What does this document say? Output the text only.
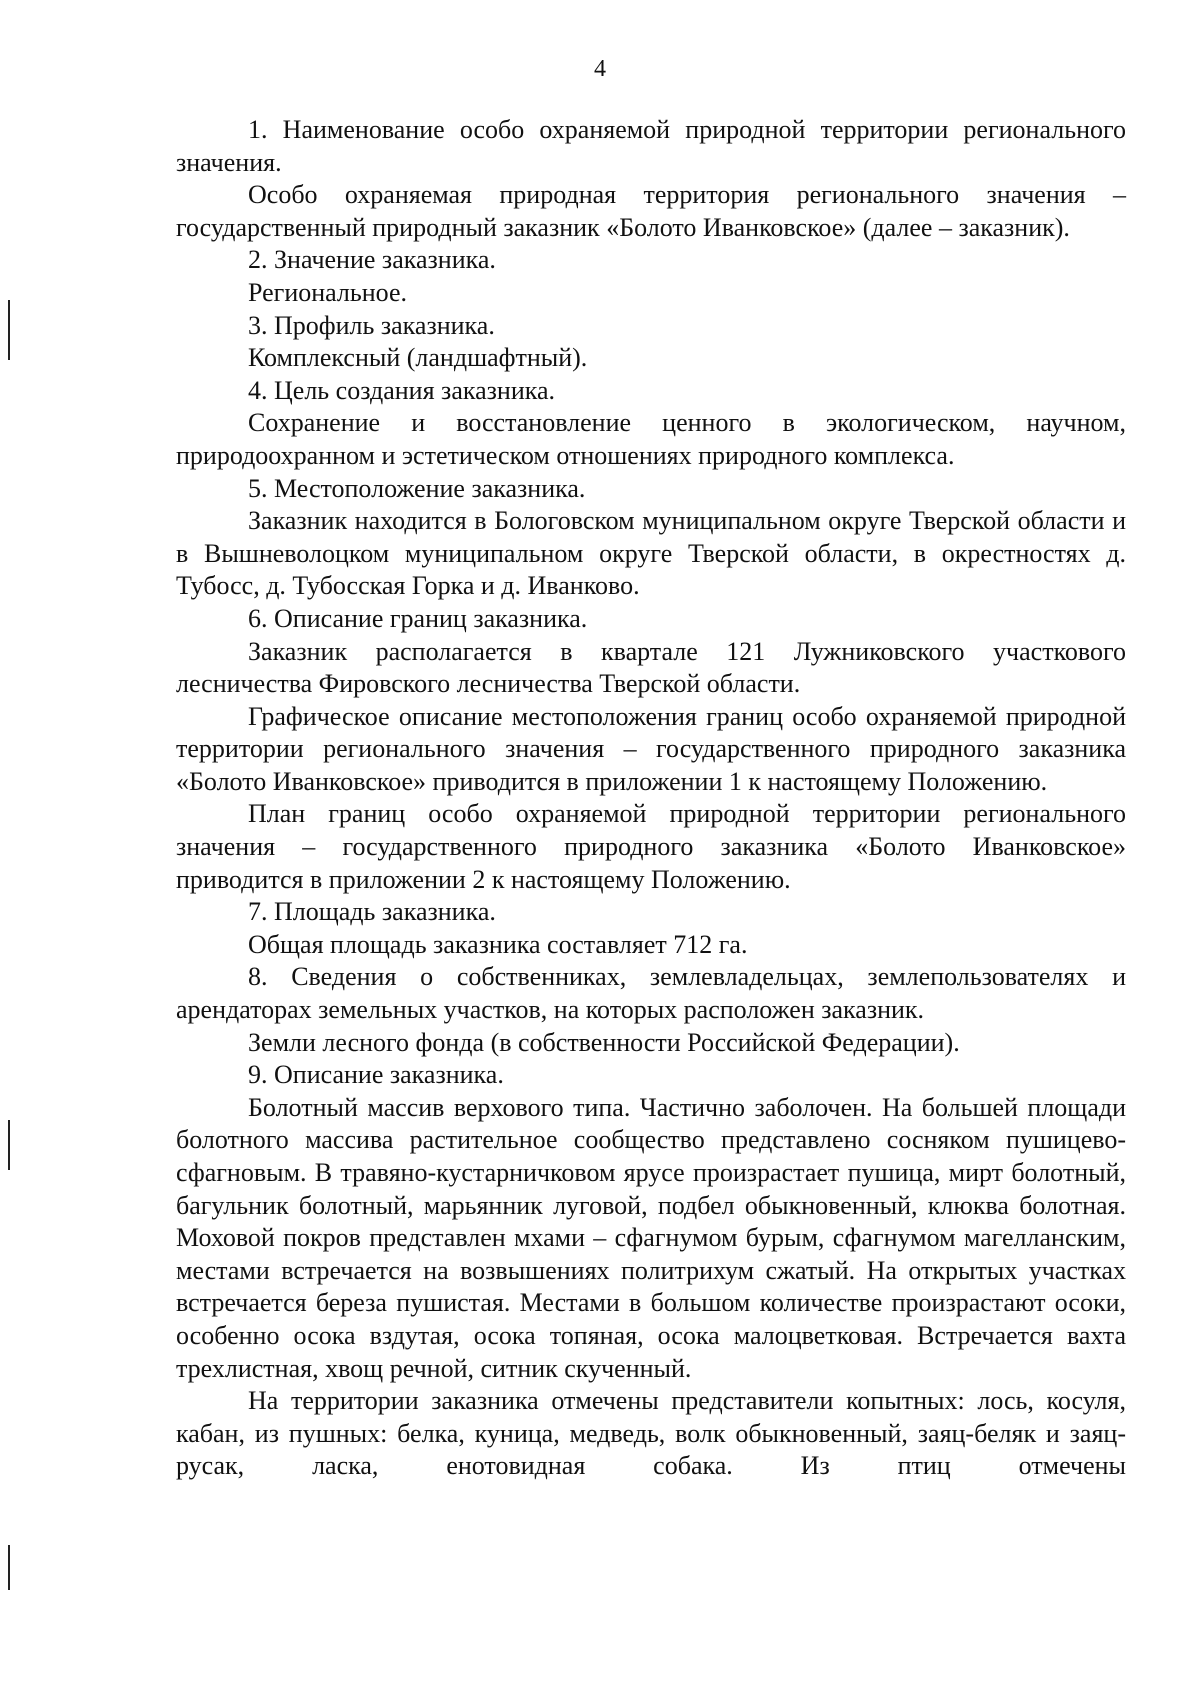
4

1. Наименование особо охраняемой природной территории регионального значения.

Особо охраняемая природная территория регионального значения – государственный природный заказник «Болото Иванковское» (далее – заказник).

2. Значение заказника.

Региональное.

3. Профиль заказника.

Комплексный (ландшафтный).

4. Цель создания заказника.

Сохранение и восстановление ценного в экологическом, научном, природоохранном и эстетическом отношениях природного комплекса.

5. Местоположение заказника.

Заказник находится в Бологовском муниципальном округе Тверской области и в Вышневолоцком муниципальном округе Тверской области, в окрестностях д. Тубосс, д. Тубосская Горка и д. Иванково.

6. Описание границ заказника.

Заказник располагается в квартале 121 Лужниковского участкового лесничества Фировского лесничества Тверской области.

Графическое описание местоположения границ особо охраняемой природной территории регионального значения – государственного природного заказника «Болото Иванковское» приводится в приложении 1 к настоящему Положению.

План границ особо охраняемой природной территории регионального значения – государственного природного заказника «Болото Иванковское» приводится в приложении 2 к настоящему Положению.

7. Площадь заказника.

Общая площадь заказника составляет 712 га.

8. Сведения о собственниках, землевладельцах, землепользователях и арендаторах земельных участков, на которых расположен заказник.

Земли лесного фонда (в собственности Российской Федерации).

9. Описание заказника.

Болотный массив верхового типа. Частично заболочен. На большей площади болотного массива растительное сообщество представлено сосняком пушицево-сфагновым. В травяно-кустарничковом ярусе произрастает пушица, мирт болотный, багульник болотный, марьянник луговой, подбел обыкновенный, клюква болотная. Моховой покров представлен мхами – сфагнумом бурым, сфагнумом магелланским, местами встречается на возвышениях политрихум сжатый. На открытых участках встречается береза пушистая. Местами в большом количестве произрастают осоки, особенно осока вздутая, осока топяная, осока малоцветковая. Встречается вахта трехлистная, хвощ речной, ситник скученный.

На территории заказника отмечены представители копытных: лось, косуля, кабан, из пушных: белка, куница, медведь, волк обыкновенный, заяц-беляк и заяц-русак, ласка, енотовидная собака. Из птиц отмечены
